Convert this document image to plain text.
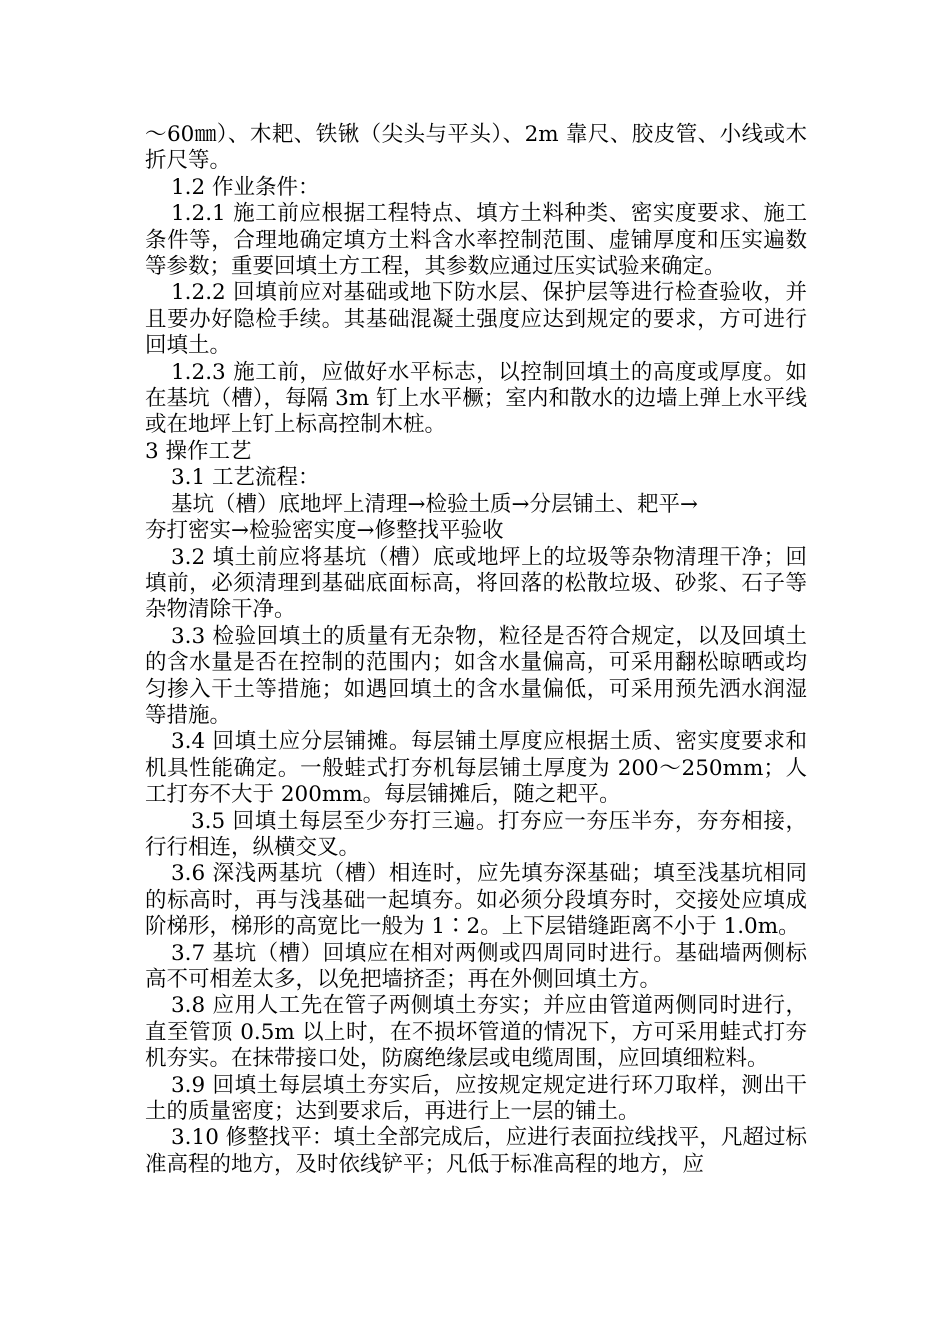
～60㎜）、木耙、铁锹（尖头与平头）、2m 靠尺、胶皮管、小线或木折尺等。

1.2 作业条件：

1.2.1 施工前应根据工程特点、填方土料种类、密实度要求、施工条件等，合理地确定填方土料含水率控制范围、虚铺厚度和压实遍数等参数；重要回填土方工程，其参数应通过压实试验来确定。

1.2.2 回填前应对基础或地下防水层、保护层等进行检查验收，并且要办好隐检手续。其基础混凝土强度应达到规定的要求，方可进行回填土。

1.2.3 施工前，应做好水平标志，以控制回填土的高度或厚度。如在基坑（槽），每隔 3m 钉上水平橛；室内和散水的边墙上弹上水平线或在地坪上钉上标高控制木桩。

3 操作工艺

3.1 工艺流程：

基坑（槽）底地坪上清理→检验土质→分层铺土、耙平→

夯打密实→检验密实度→修整找平验收

3.2 填土前应将基坑（槽）底或地坪上的垃圾等杂物清理干净；回填前，必须清理到基础底面标高，将回落的松散垃圾、砂浆、石子等杂物清除干净。

3.3 检验回填土的质量有无杂物，粒径是否符合规定，以及回填土的含水量是否在控制的范围内；如含水量偏高，可采用翻松晾晒或均匀掺入干土等措施；如遇回填土的含水量偏低，可采用预先洒水润湿等措施。

3.4 回填土应分层铺摊。每层铺土厚度应根据土质、密实度要求和机具性能确定。一般蛙式打夯机每层铺土厚度为 200～250mm；人工打夯不大于 200mm。每层铺摊后，随之耙平。

3.5 回填土每层至少夯打三遍。打夯应一夯压半夯，夯夯相接，行行相连，纵横交叉。

3.6 深浅两基坑（槽）相连时，应先填夯深基础；填至浅基坑相同的标高时，再与浅基础一起填夯。如必须分段填夯时，交接处应填成阶梯形，梯形的高宽比一般为 1∶2。上下层错缝距离不小于 1.0m。

3.7 基坑（槽）回填应在相对两侧或四周同时进行。基础墙两侧标高不可相差太多，以免把墙挤歪；再在外侧回填土方。

3.8 应用人工先在管子两侧填土夯实；并应由管道两侧同时进行，直至管顶 0.5m 以上时，在不损坏管道的情况下，方可采用蛙式打夯机夯实。在抹带接口处，防腐绝缘层或电缆周围，应回填细粒料。

3.9 回填土每层填土夯实后，应按规定规定进行环刀取样，测出干土的质量密度；达到要求后，再进行上一层的铺土。

3.10 修整找平：填土全部完成后，应进行表面拉线找平，凡超过标准高程的地方，及时依线铲平；凡低于标准高程的地方，应
